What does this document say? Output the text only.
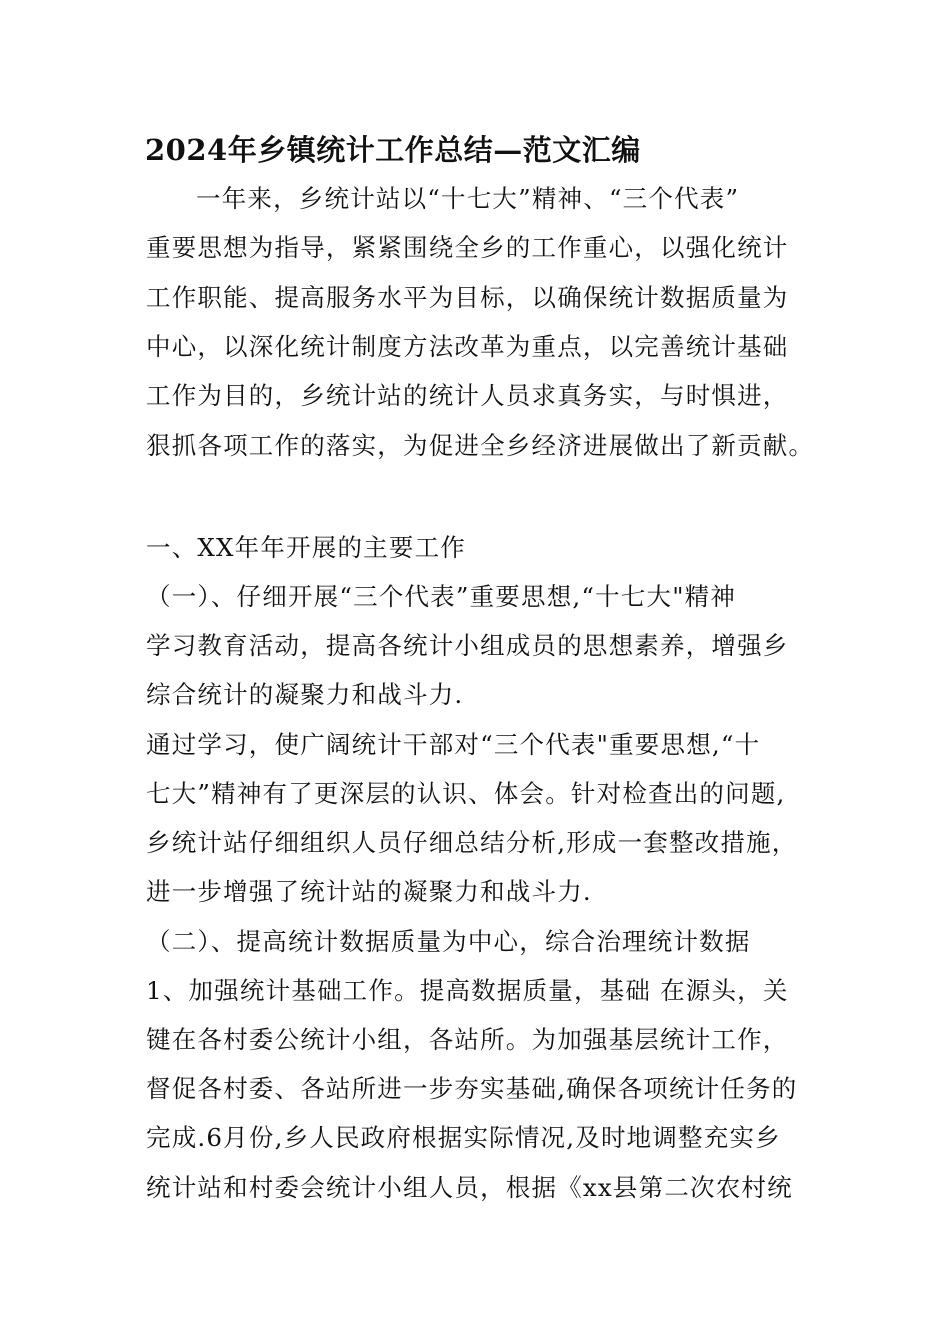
2024年乡镇统计工作总结—范文汇编
一年来，乡统计站以“十七大”精神、“三个代表”
重要思想为指导，紧紧围绕全乡的工作重心，以强化统计
工作职能、提高服务水平为目标，以确保统计数据质量为
中心，以深化统计制度方法改革为重点，以完善统计基础
工作为目的，乡统计站的统计人员求真务实，与时惧进，
狠抓各项工作的落实，为促进全乡经济进展做出了新贡献。
一、XX年年开展的主要工作
（一）、仔细开展“三个代表”重要思想,“十七大"精神
学习教育活动，提高各统计小组成员的思想素养，增强乡
综合统计的凝聚力和战斗力.
通过学习，使广阔统计干部对“三个代表"重要思想,“十
七大”精神有了更深层的认识、体会。针对检查出的问题,
乡统计站仔细组织人员仔细总结分析,形成一套整改措施，
进一步增强了统计站的凝聚力和战斗力.
（二）、提高统计数据质量为中心，综合治理统计数据
1、加强统计基础工作。提高数据质量，基础 在源头，关
键在各村委公统计小组，各站所。为加强基层统计工作，
督促各村委、各站所进一步夯实基础,确保各项统计任务的
完成.6月份,乡人民政府根据实际情况,及时地调整充实乡
统计站和村委会统计小组人员，根据《xx县第二次农村统
